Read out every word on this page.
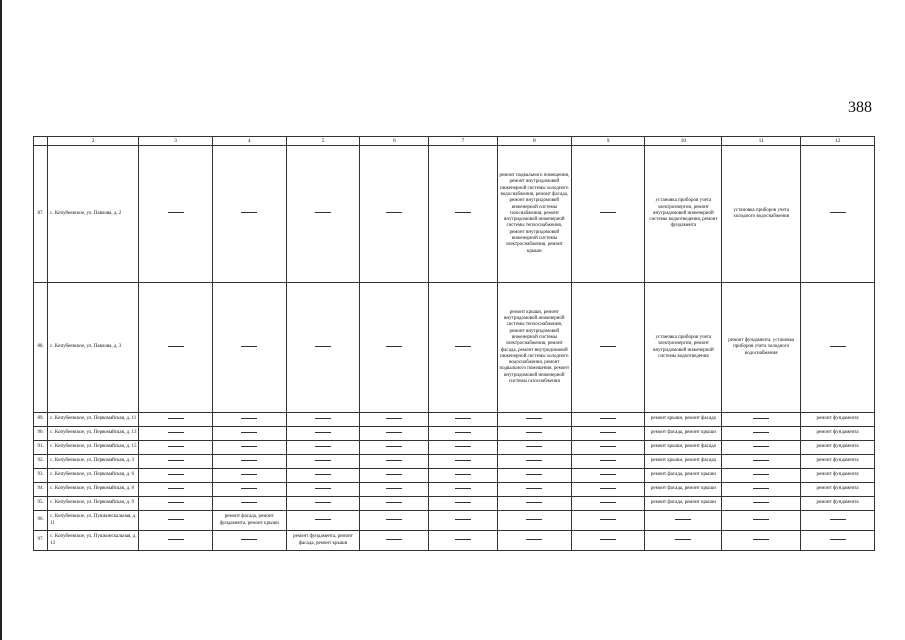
388
	2	3	4	5	6	7	8	9	10	11	12
87.	с. Копубеевское, ул. Павлова, д. 2						ремонт подвального помещения, ремонт внутридомовой инженерной системы холодного водоснабжения, ремонт фасада, ремонт внутридомовой инженерной системы газоснабжения, ремонт внутридомовой инженерной системы теплоснабжения, ремонт внутридомовой инженерной системы электроснабжения, ремонт крыши		установка приборов учета электроэнергии, ремонт внутридомовой инженерной системы водоотведения, ремонт фундамента	установка приборов учета холодного водоснабжения	
88.	с. Копубеевское, ул. Павлова, д. 3						ремонт крыши, ремонт внутридомовой инженерной системы теплоснабжения, ремонт внутридомовой инженерной системы электроснабжения, ремонт фасада, ремонт внутридомовой инженерной системы холодного водоснабжения, ремонт подвального помещения, ремонт внутридомовой инженерной системы газоснабжения		установка приборов учета электроэнергии, ремонт внутридомовой инженерной системы водоотведения	ремонт фундамента, установка приборов учета холодного водоснабжения	
89.	с. Копубеевское, ул. Первомайская, д. 11								ремонт крыши, ремонт фасада		ремонт фундамента
90.	с. Копубеевское, ул. Первомайская, д. 13								ремонт фасада, ремонт крыши		ремонт фундамента
91.	с. Копубеевское, ул. Первомайская, д. 15								ремонт крыши, ремонт фасада		ремонт фундамента
92.	с. Копубеевское, ул. Первомайская, д. 3								ремонт крыши, ремонт фасада		ремонт фундамента
93.	с. Копубеевское, ул. Первомайская, д. 6								ремонт фасада, ремонт крыши		ремонт фундамента
94.	с. Копубеевское, ул. Первомайская, д. 8								ремонт фасада, ремонт крыши		ремонт фундамента
95.	с. Копубеевское, ул. Первомайская, д. 9								ремонт фасада, ремонт крыши		ремонт фундамента
96.	с. Копубеевское, ул. Пушкинскальная, д. 11		ремонт фасада, ремонт фундамента, ремонт крыши								
97.	с. Копубеевское, ул. Пушкинскальная, д. 13			ремонт фундамента, ремонт фасада, ремонт крыши							
